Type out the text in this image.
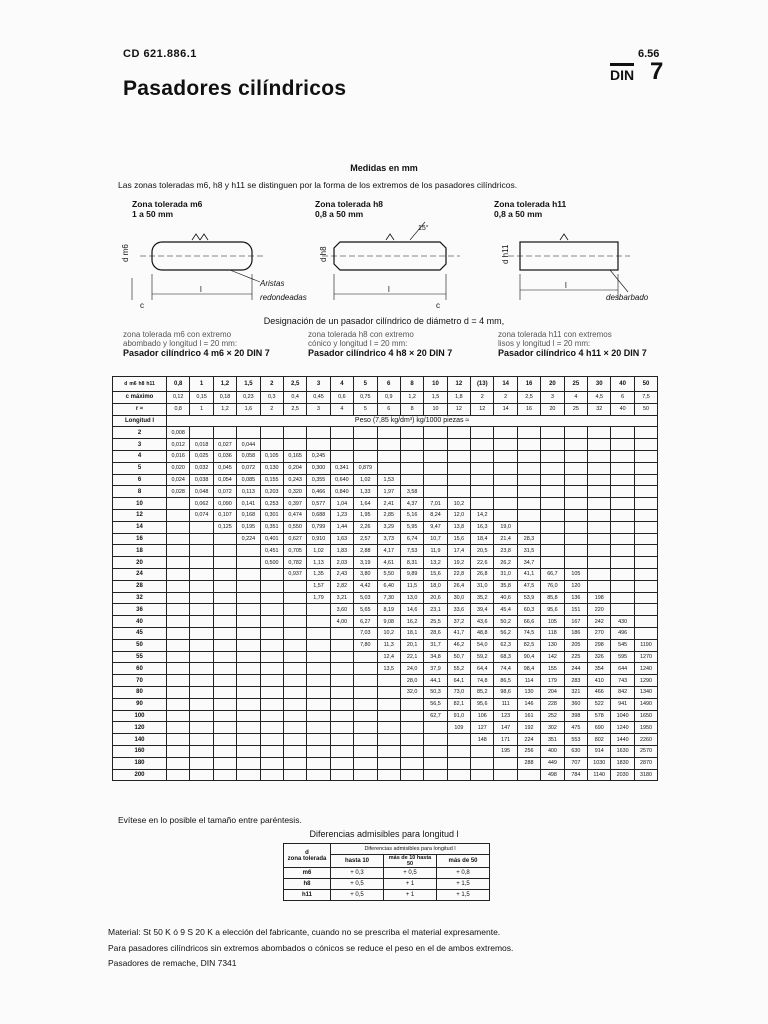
CD 621.886.1	6.56
DIN 7
Pasadores cilíndricos
Medidas en mm
Las zonas toleradas m6, h8 y h11 se distinguen por la forma de los extremos de los pasadores cilíndricos.
Zona tolerada m6
1 a 50 mm
Zona tolerada h8
0,8 a 50 mm
Zona tolerada h11
0,8 a 50 mm
d m6
c
l
Aristas
redondeadas
d h8
15°
l
c
d h11
l
desbarbado
Designación de un pasador cilíndrico de diámetro d = 4 mm,
zona tolerada m6 con extremo
abombado y longitud l = 20 mm:
Pasador cilíndrico 4 m6 × 20 DIN 7
zona tolerada h8 con extremo
cónico y longitud l = 20 mm:
Pasador cilíndrico 4 h8 × 20 DIN 7
zona tolerada h11 con extremos
lisos y longitud l = 20 mm:
Pasador cilíndrico 4 h11 × 20 DIN 7
d m6 h8 h11	0,8	1	1,2	1,5	2	2,5	3	4	5	6	8	10	12	(13)	14	16	20	25	30	40	50
c máximo	0,12	0,15	0,18	0,23	0,3	0,4	0,45	0,6	0,75	0,9	1,2	1,5	1,8	2	2	2,5	3	4	4,5	6	7,5
r ≈	0,8	1	1,2	1,6	2	2,5	3	4	5	6	8	10	12	12	14	16	20	25	32	40	50
Longitud l	Peso (7,85 kg/dm³) kg/1000 piezas ≈																				
2	0,008																				
3	0,012	0,018	0,027	0,044																	
4	0,016	0,025	0,036	0,058	0,105	0,165	0,245														
5	0,020	0,032	0,045	0,072	0,130	0,204	0,300	0,341	0,879												
6	0,024	0,038	0,054	0,085	0,155	0,243	0,355	0,640	1,02	1,53											
8	0,028	0,048	0,072	0,113	0,203	0,320	0,466	0,840	1,33	1,97	3,58										
10		0,062	0,090	0,141	0,253	0,397	0,577	1,04	1,64	2,41	4,37	7,01	10,2								
12		0,074	0,107	0,168	0,301	0,474	0,688	1,23	1,95	2,85	5,16	8,24	12,0	14,2							
14			0,125	0,195	0,351	0,550	0,799	1,44	2,26	3,29	5,95	9,47	13,8	16,3	19,0						
16				0,224	0,401	0,627	0,910	1,63	2,57	3,73	6,74	10,7	15,6	18,4	21,4	28,3					
18					0,451	0,705	1,02	1,83	2,88	4,17	7,53	11,9	17,4	20,5	23,8	31,5					
20					0,500	0,782	1,13	2,03	3,19	4,61	8,31	13,2	19,2	22,6	26,2	34,7					
24						0,937	1,35	2,43	3,80	5,50	9,89	15,6	22,8	26,8	31,0	41,1	66,7	105			
28							1,57	2,82	4,42	6,40	11,5	18,0	26,4	31,0	35,8	47,5	76,0	120			
32							1,79	3,21	5,03	7,30	13,0	20,6	30,0	35,2	40,6	53,9	85,8	136	198		
36								3,60	5,65	8,19	14,6	23,1	33,6	39,4	45,4	60,3	95,6	151	220		
40								4,00	6,27	9,08	16,2	25,5	37,2	43,6	50,2	66,6	105	167	242	430	
45									7,03	10,2	18,1	28,6	41,7	48,8	56,2	74,5	118	186	270	496	
50									7,80	11,3	20,1	31,7	46,2	54,0	62,3	82,5	130	205	298	545	1190
55										12,4	22,1	34,8	50,7	59,2	68,3	90,4	142	225	326	595	1270
60										13,5	24,0	37,9	55,2	64,4	74,4	98,4	155	244	354	644	1240
70											28,0	44,1	64,1	74,8	86,5	114	179	283	410	743	1290
80											32,0	50,3	73,0	85,2	98,6	130	204	321	466	842	1340
90												56,5	82,1	95,6	111	146	228	360	522	941	1490
100												62,7	91,0	106	123	161	252	398	578	1040	1650
120													109	127	147	192	302	475	690	1240	1950
140														148	171	224	351	553	802	1440	2260
160															195	256	400	630	914	1630	2570
180																288	449	707	1030	1830	2870
200																	498	784	1140	2030	3180
Evítese en lo posible el tamaño entre paréntesis.
Diferencias admisibles para longitud l
d
zona tolerada	Diferencias admisibles para longitud l		
	hasta 10	más de 10 hasta 50	más de 50
m6	+ 0,3	+ 0,5	+ 0,8
h8	+ 0,5	+ 1	+ 1,5
h11	+ 0,5	+ 1	+ 1,5
Material: St 50 K ó 9 S 20 K a elección del fabricante, cuando no se prescriba el material expresamente.
Para pasadores cilíndricos sin extremos abombados o cónicos se reduce el peso en el de ambos extremos.
Pasadores de remache, DIN 7341
